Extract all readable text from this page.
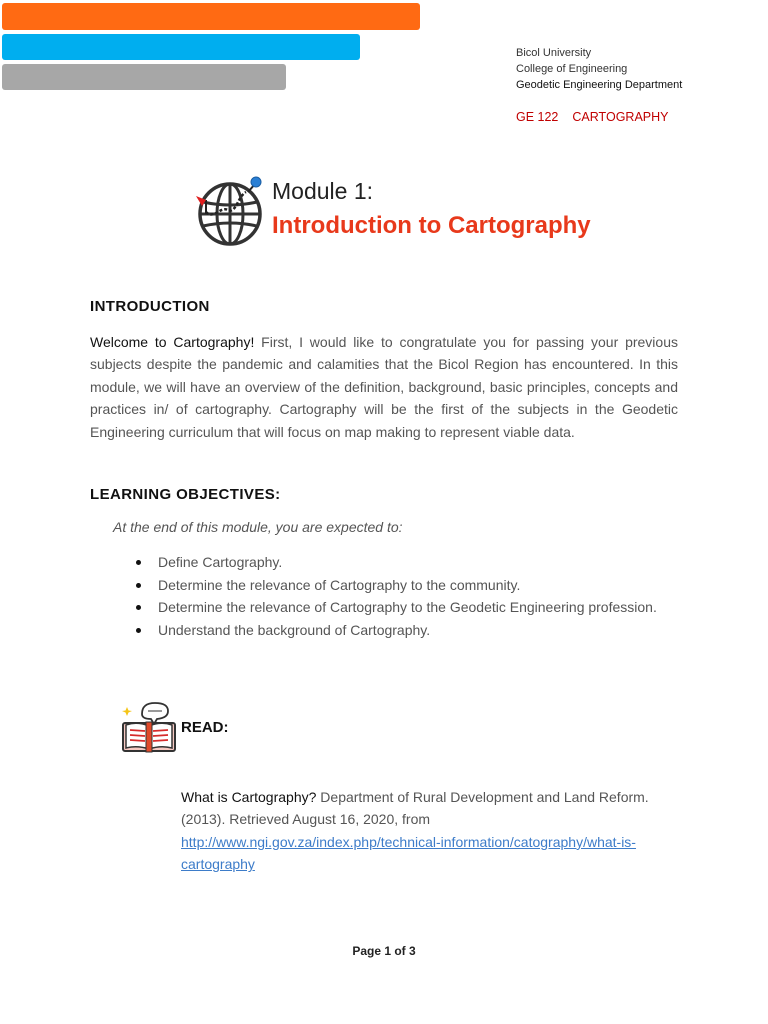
Bicol University
College of Engineering
Geodetic Engineering Department
GE 122 CARTOGRAPHY
Module 1:
Introduction to Cartography
INTRODUCTION
Welcome to Cartography! First, I would like to congratulate you for passing your previous subjects despite the pandemic and calamities that the Bicol Region has encountered. In this module, we will have an overview of the definition, background, basic principles, concepts and practices in/ of cartography. Cartography will be the first of the subjects in the Geodetic Engineering curriculum that will focus on map making to represent viable data.
LEARNING OBJECTIVES:
At the end of this module, you are expected to:
Define Cartography.
Determine the relevance of Cartography to the community.
Determine the relevance of Cartography to the Geodetic Engineering profession.
Understand the background of Cartography.
READ:
What is Cartography? Department of Rural Development and Land Reform. (2013). Retrieved August 16, 2020, from http://www.ngi.gov.za/index.php/technical-information/catography/what-is-cartography
Page 1 of 3
